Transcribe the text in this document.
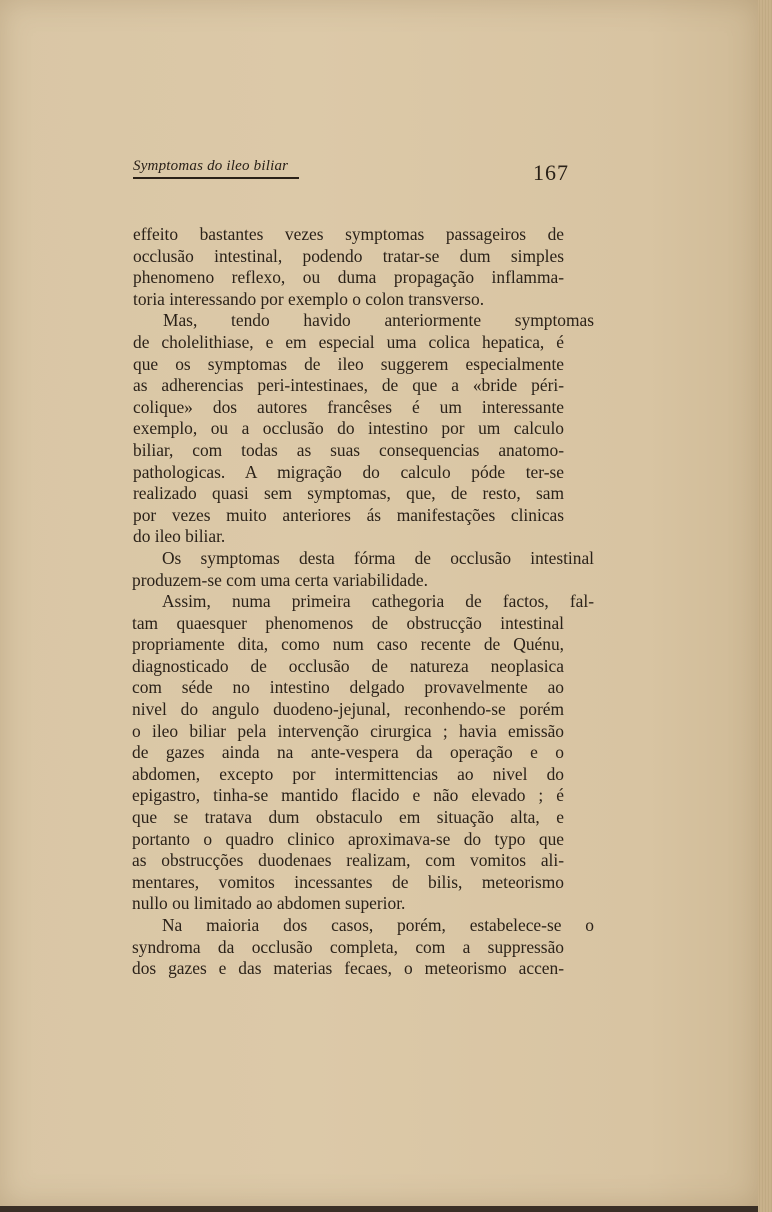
Symptomas do ileo biliar	167
effeito bastantes vezes symptomas passageiros de
occlusão intestinal, podendo tratar-se dum simples
phenomeno reflexo, ou duma propagação inflamma-
toria interessando por exemplo o colon transverso.
Mas, tendo havido anteriormente symptomas
de cholelithiase, e em especial uma colica hepatica, é
que os symptomas de ileo suggerem especialmente
as adherencias peri-intestinaes, de que a «bride péri-
colique» dos autores francêses é um interessante
exemplo, ou a occlusão do intestino por um calculo
biliar, com todas as suas consequencias anatomo-
pathologicas. A migração do calculo póde ter-se
realizado quasi sem symptomas, que, de resto, sam
por vezes muito anteriores ás manifestações clinicas
do ileo biliar.
Os symptomas desta fórma de occlusão intestinal
produzem-se com uma certa variabilidade.
Assim, numa primeira cathegoria de factos, fal-
tam quaesquer phenomenos de obstrucção intestinal
propriamente dita, como num caso recente de Quénu,
diagnosticado de occlusão de natureza neoplasica
com séde no intestino delgado provavelmente ao
nivel do angulo duodeno-jejunal, reconhendo-se porém
o ileo biliar pela intervenção cirurgica ; havia emissão
de gazes ainda na ante-vespera da operação e o
abdomen, excepto por intermittencias ao nivel do
epigastro, tinha-se mantido flacido e não elevado ; é
que se tratava dum obstaculo em situação alta, e
portanto o quadro clinico aproximava-se do typo que
as obstrucções duodenaes realizam, com vomitos ali-
mentares, vomitos incessantes de bilis, meteorismo
nullo ou limitado ao abdomen superior.
Na maioria dos casos, porém, estabelece-se o
syndroma da occlusão completa, com a suppressão
dos gazes e das materias fecaes, o meteorismo accen-
